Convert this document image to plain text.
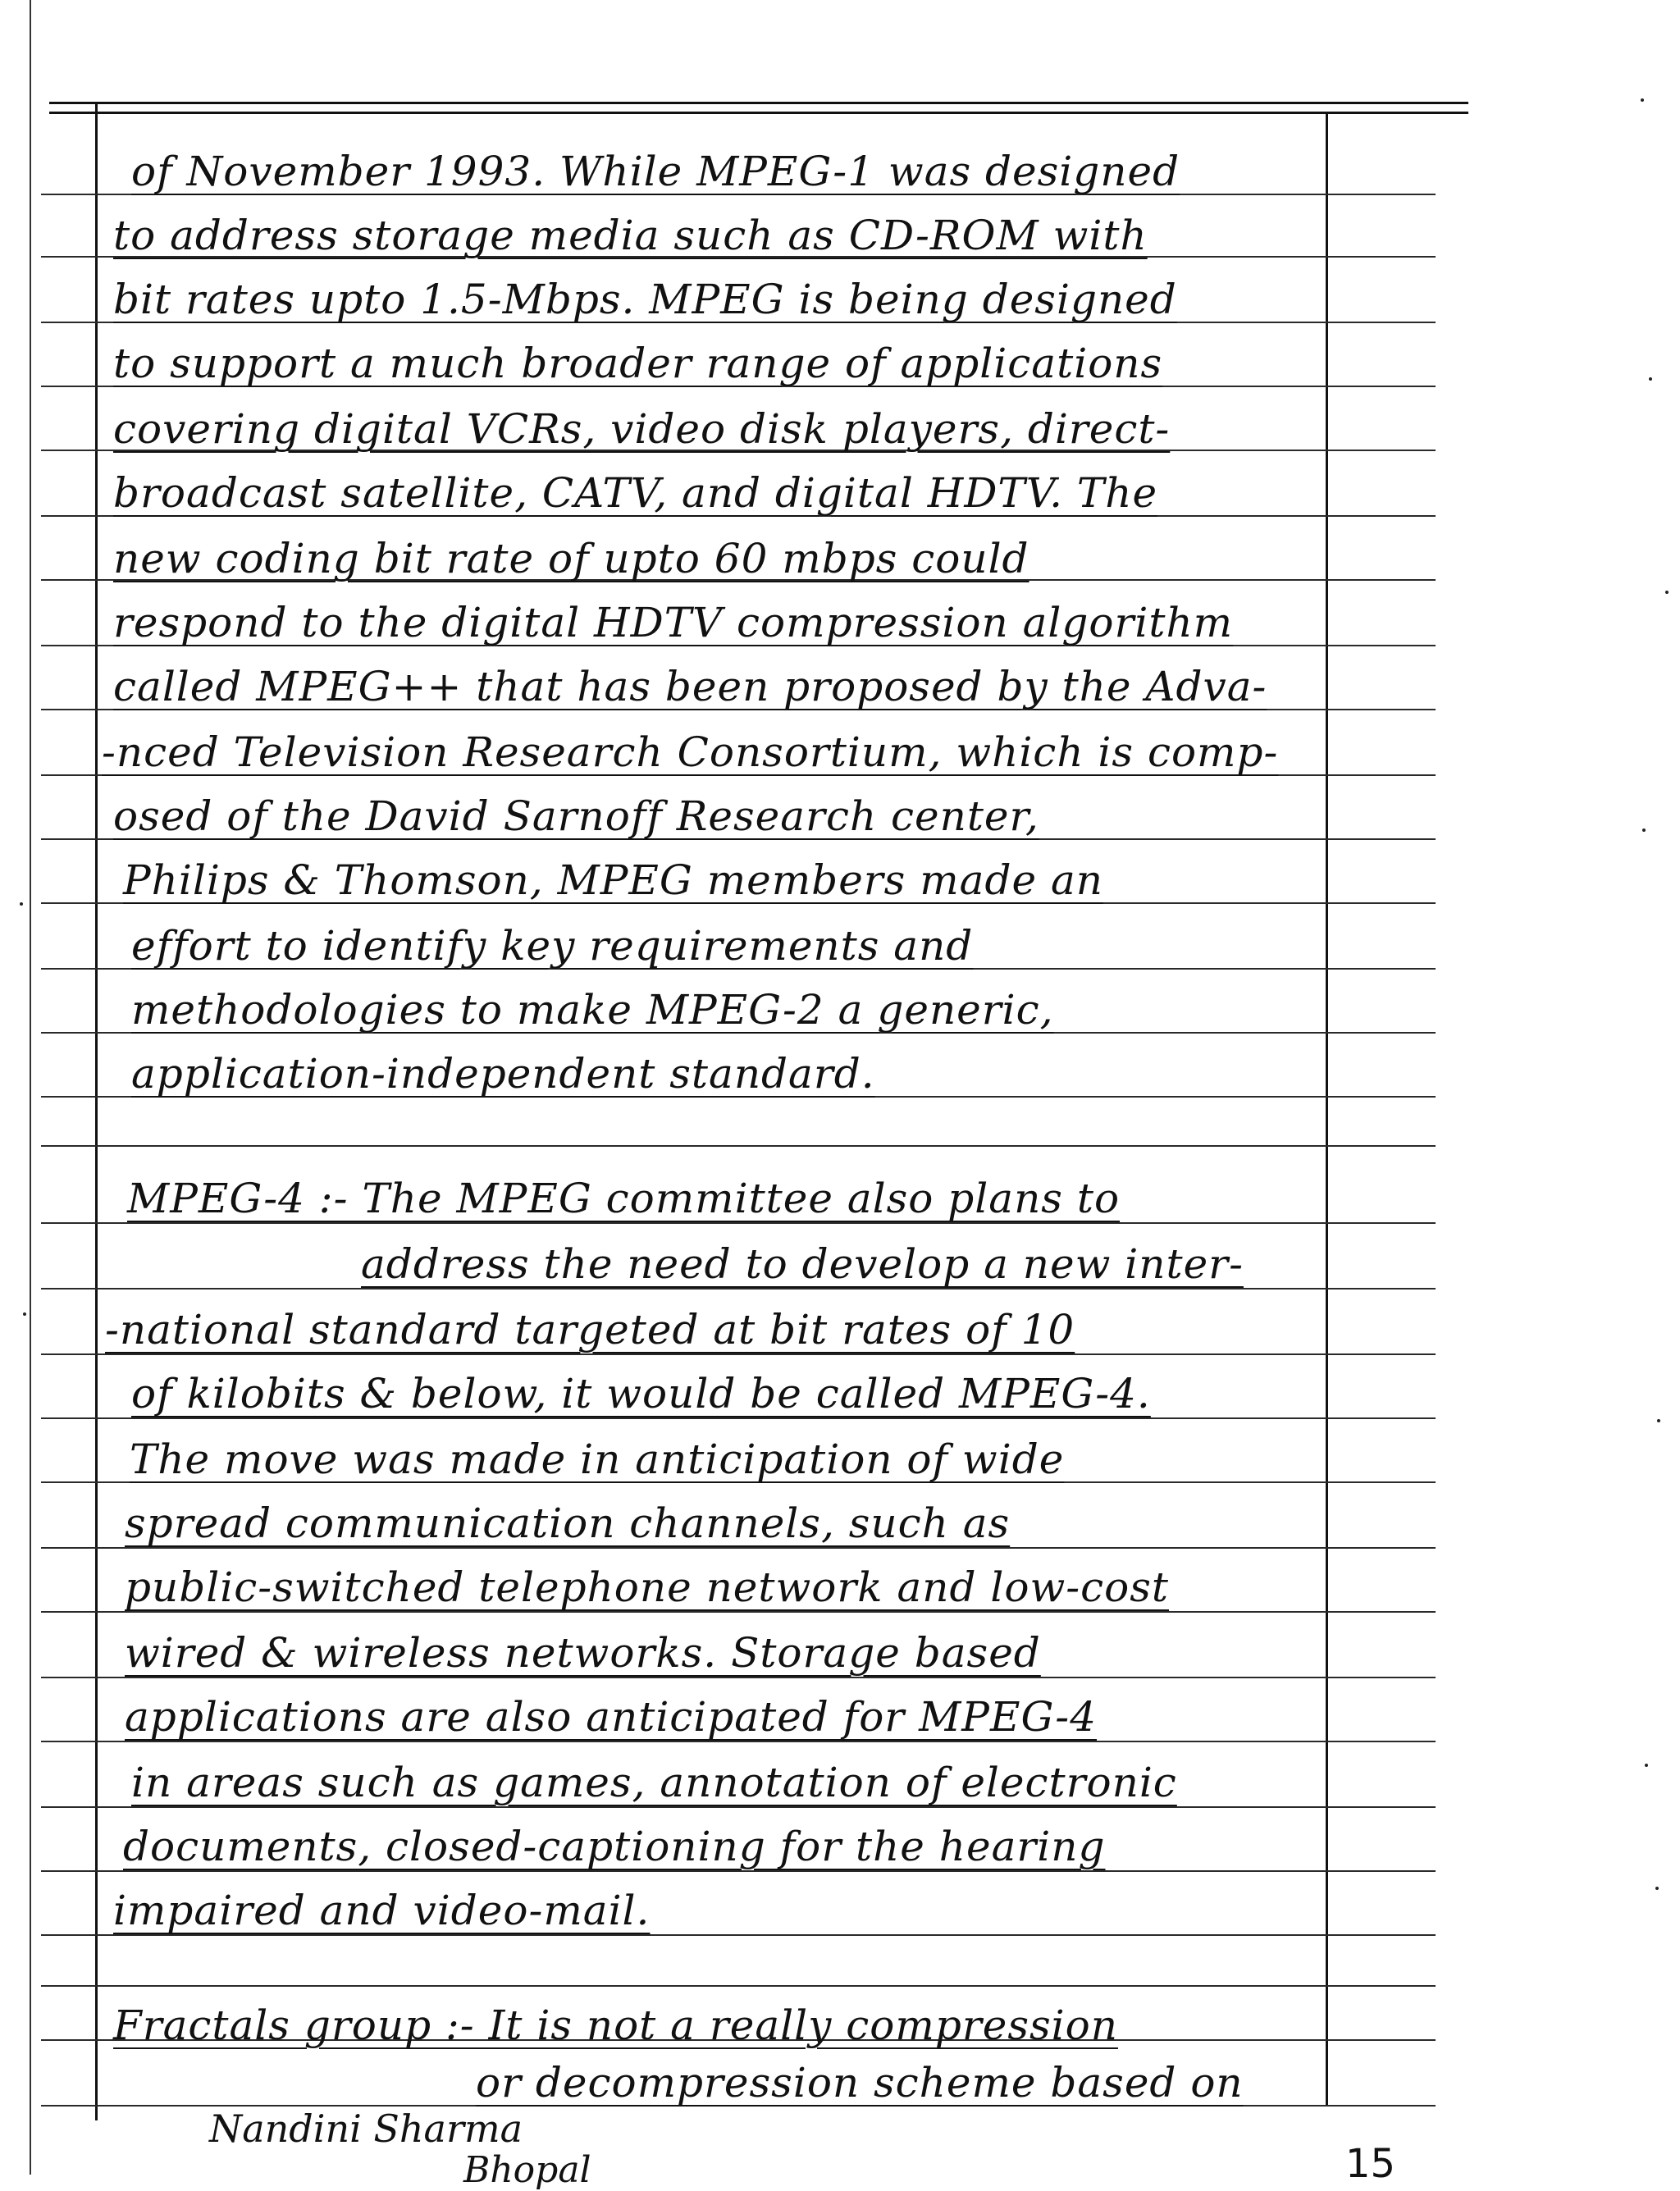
of November 1993. While MPEG-1 was designed
to address storage media such as CD-ROM with
bit rates upto 1.5-Mbps. MPEG is being designed
to support a much broader range of applications
covering digital VCRs, video disk players, direct-
broadcast satellite, CATV, and digital HDTV. The
new coding bit rate of upto 60 mbps could
respond to the digital HDTV compression algorithm
called MPEG++ that has been proposed by the Adva-
-nced Television Research Consortium, which is comp-
osed of the David Sarnoff Research center,
Philips & Thomson, MPEG members made an
effort to identify key requirements and
methodologies to make MPEG-2 a generic,
application-independent standard.
MPEG-4 :- The MPEG committee also plans to
address the need to develop a new inter-
-national standard targeted at bit rates of 10
of kilobits & below, it would be called MPEG-4.
The move was made in anticipation of wide
spread communication channels, such as
public-switched telephone network and low-cost
wired & wireless networks. Storage based
applications are also anticipated for MPEG-4
in areas such as games, annotation of electronic
documents, closed-captioning for the hearing
impaired and video-mail.
Fractals group :- It is not a really compression
or decompression scheme based on
Nandini Sharma
Bhopal	15
